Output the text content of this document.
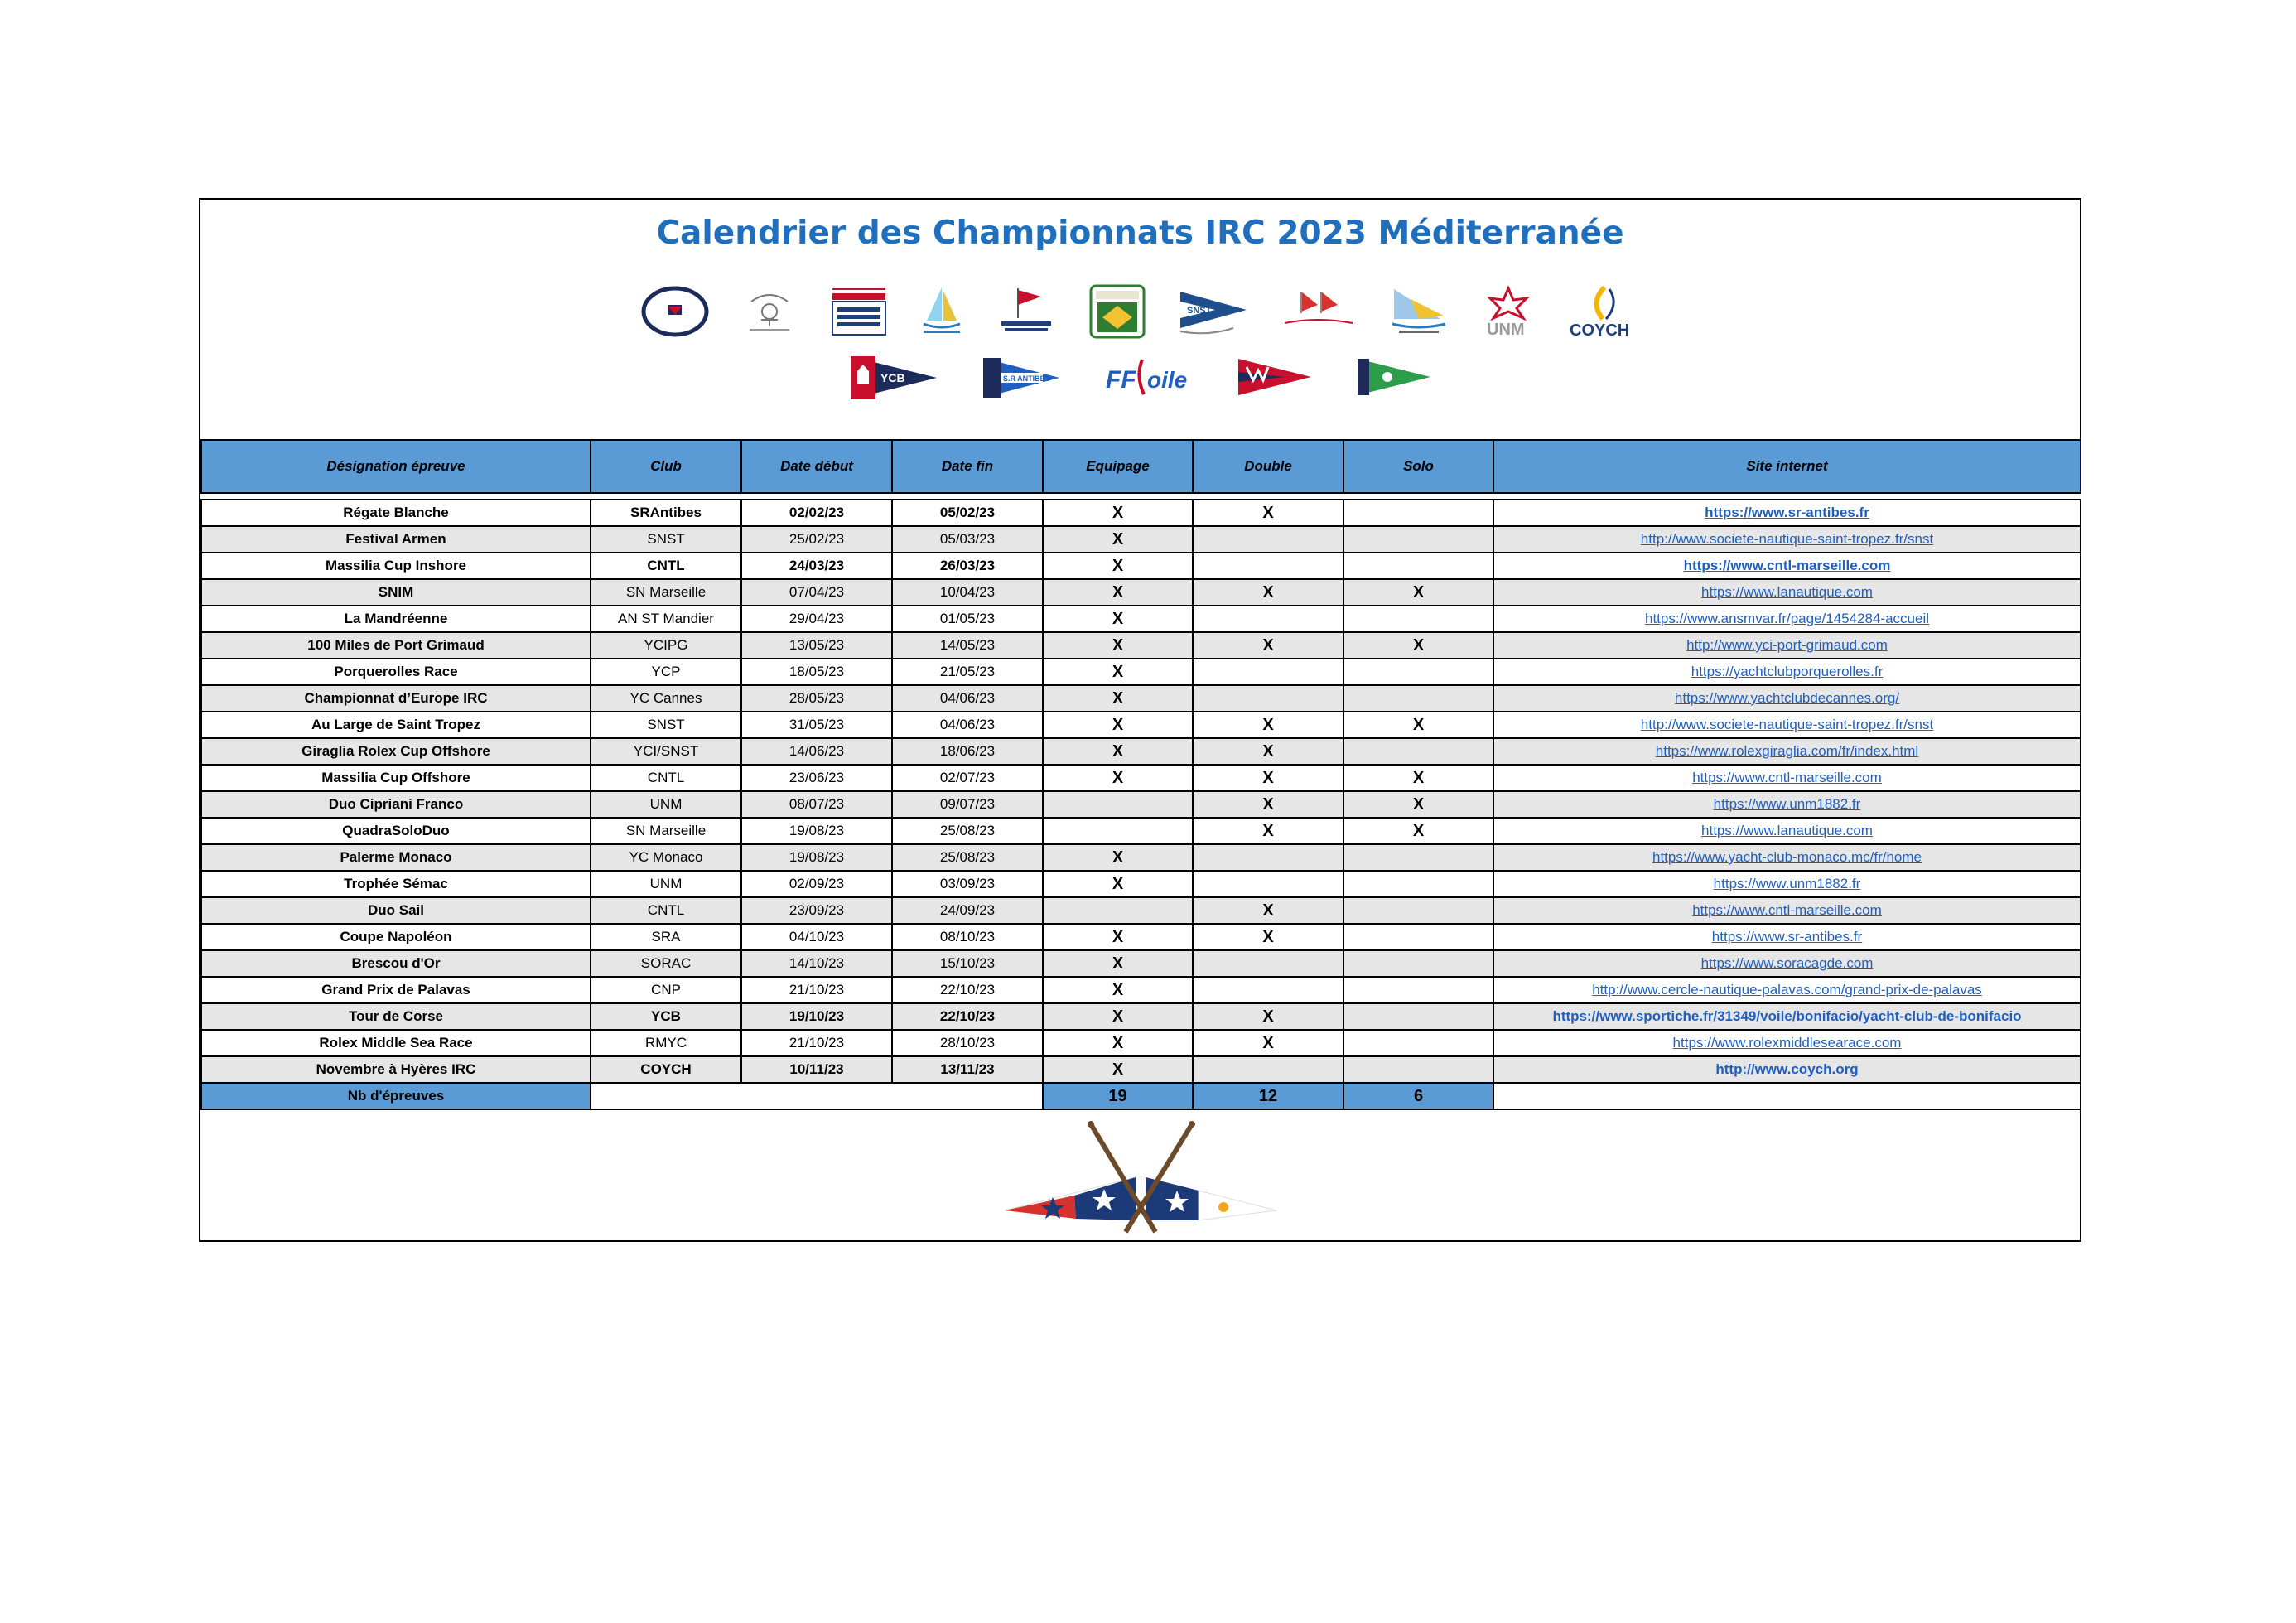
Calendrier des Championnats IRC 2023 Méditerranée
SNST
UNM	COYCH
YCB	S.R ANTIBES FF oile
Désignation épreuve	Club	Date début	Date fin	Equipage	Double	Solo	Site internet

Régate Blanche	SRAntibes	02/02/23	05/02/23	X	X		https://www.sr-antibes.fr
Festival Armen	SNST	25/02/23	05/03/23	X			http://www.societe-nautique-saint-tropez.fr/snst
Massilia Cup Inshore	CNTL	24/03/23	26/03/23	X			https://www.cntl-marseille.com
SNIM	SN Marseille	07/04/23	10/04/23	X	X	X	https://www.lanautique.com
La Mandréenne	AN ST Mandier	29/04/23	01/05/23	X			https://www.ansmvar.fr/page/1454284-accueil
100 Miles de Port Grimaud	YCIPG	13/05/23	14/05/23	X	X	X	http://www.yci-port-grimaud.com
Porquerolles Race	YCP	18/05/23	21/05/23	X			https://yachtclubporquerolles.fr
Championnat d’Europe IRC	YC Cannes	28/05/23	04/06/23	X			https://www.yachtclubdecannes.org/
Au Large de Saint Tropez	SNST	31/05/23	04/06/23	X	X	X	http://www.societe-nautique-saint-tropez.fr/snst
Giraglia Rolex Cup Offshore	YCI/SNST	14/06/23	18/06/23	X	X		https://www.rolexgiraglia.com/fr/index.html
Massilia Cup Offshore	CNTL	23/06/23	02/07/23	X	X	X	https://www.cntl-marseille.com
Duo Cipriani Franco	UNM	08/07/23	09/07/23		X	X	https://www.unm1882.fr
QuadraSoloDuo	SN Marseille	19/08/23	25/08/23		X	X	https://www.lanautique.com
Palerme Monaco	YC Monaco	19/08/23	25/08/23	X			https://www.yacht-club-monaco.mc/fr/home
Trophée Sémac	UNM	02/09/23	03/09/23	X			https://www.unm1882.fr
Duo Sail	CNTL	23/09/23	24/09/23		X		https://www.cntl-marseille.com
Coupe Napoléon	SRA	04/10/23	08/10/23	X	X		https://www.sr-antibes.fr
Brescou d'Or	SORAC	14/10/23	15/10/23	X			https://www.soracagde.com
Grand Prix de Palavas	CNP	21/10/23	22/10/23	X			http://www.cercle-nautique-palavas.com/grand-prix-de-palavas
Tour de Corse	YCB	19/10/23	22/10/23	X	X		https://www.sportiche.fr/31349/voile/bonifacio/yacht-club-de-bonifacio
Rolex Middle Sea Race	RMYC	21/10/23	28/10/23	X	X		https://www.rolexmiddlesearace.com
Novembre à Hyères IRC	COYCH	10/11/23	13/11/23	X			http://www.coych.org
Nb d'épreuves				19	12	6	
